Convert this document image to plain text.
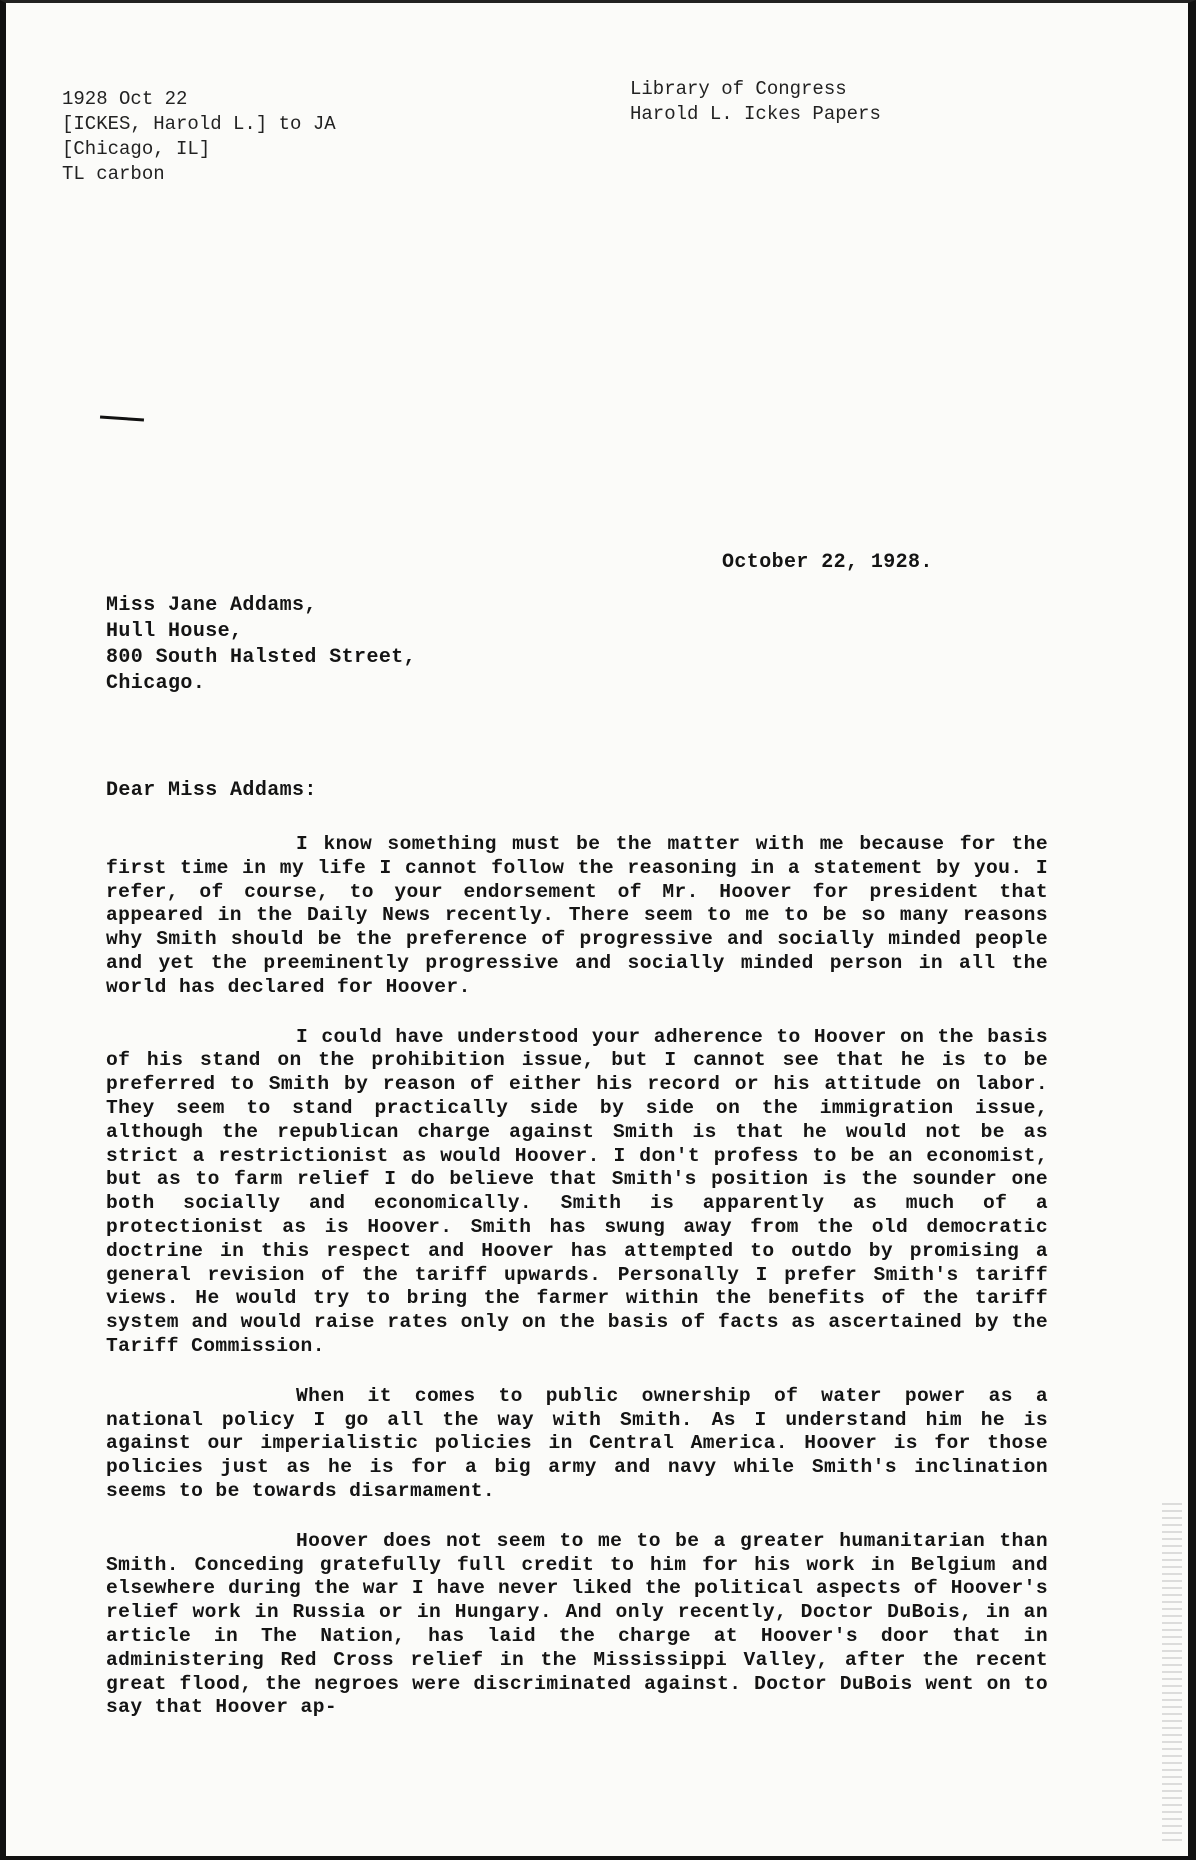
1928 Oct 22
[ICKES, Harold L.] to JA
[Chicago, IL]
TL carbon
Library of Congress
Harold L. Ickes Papers
October 22, 1928.
Miss Jane Addams,
Hull House,
800 South Halsted Street,
Chicago.
Dear Miss Addams:

I know something must be the matter with me because for the first time in my life I cannot follow the reasoning in a statement by you. I refer, of course, to your endorsement of Mr. Hoover for president that appeared in the Daily News recently. There seem to me to be so many reasons why Smith should be the preference of progressive and socially minded people and yet the preeminently progressive and socially minded person in all the world has declared for Hoover.

I could have understood your adherence to Hoover on the basis of his stand on the prohibition issue, but I cannot see that he is to be preferred to Smith by reason of either his record or his attitude on labor. They seem to stand practically side by side on the immigration issue, although the republican charge against Smith is that he would not be as strict a restrictionist as would Hoover. I don't profess to be an economist, but as to farm relief I do believe that Smith's position is the sounder one both socially and economically. Smith is apparently as much of a protectionist as is Hoover. Smith has swung away from the old democratic doctrine in this respect and Hoover has attempted to outdo by promising a general revision of the tariff upwards. Personally I prefer Smith's tariff views. He would try to bring the farmer within the benefits of the tariff system and would raise rates only on the basis of facts as ascertained by the Tariff Commission.

When it comes to public ownership of water power as a national policy I go all the way with Smith. As I understand him he is against our imperialistic policies in Central America. Hoover is for those policies just as he is for a big army and navy while Smith's inclination seems to be towards disarmament.

Hoover does not seem to me to be a greater humanitarian than Smith. Conceding gratefully full credit to him for his work in Belgium and elsewhere during the war I have never liked the political aspects of Hoover's relief work in Russia or in Hungary. And only recently, Doctor DuBois, in an article in The Nation, has laid the charge at Hoover's door that in administering Red Cross relief in the Mississippi Valley, after the recent great flood, the negroes were discriminated against. Doctor DuBois went on to say that Hoover ap-
